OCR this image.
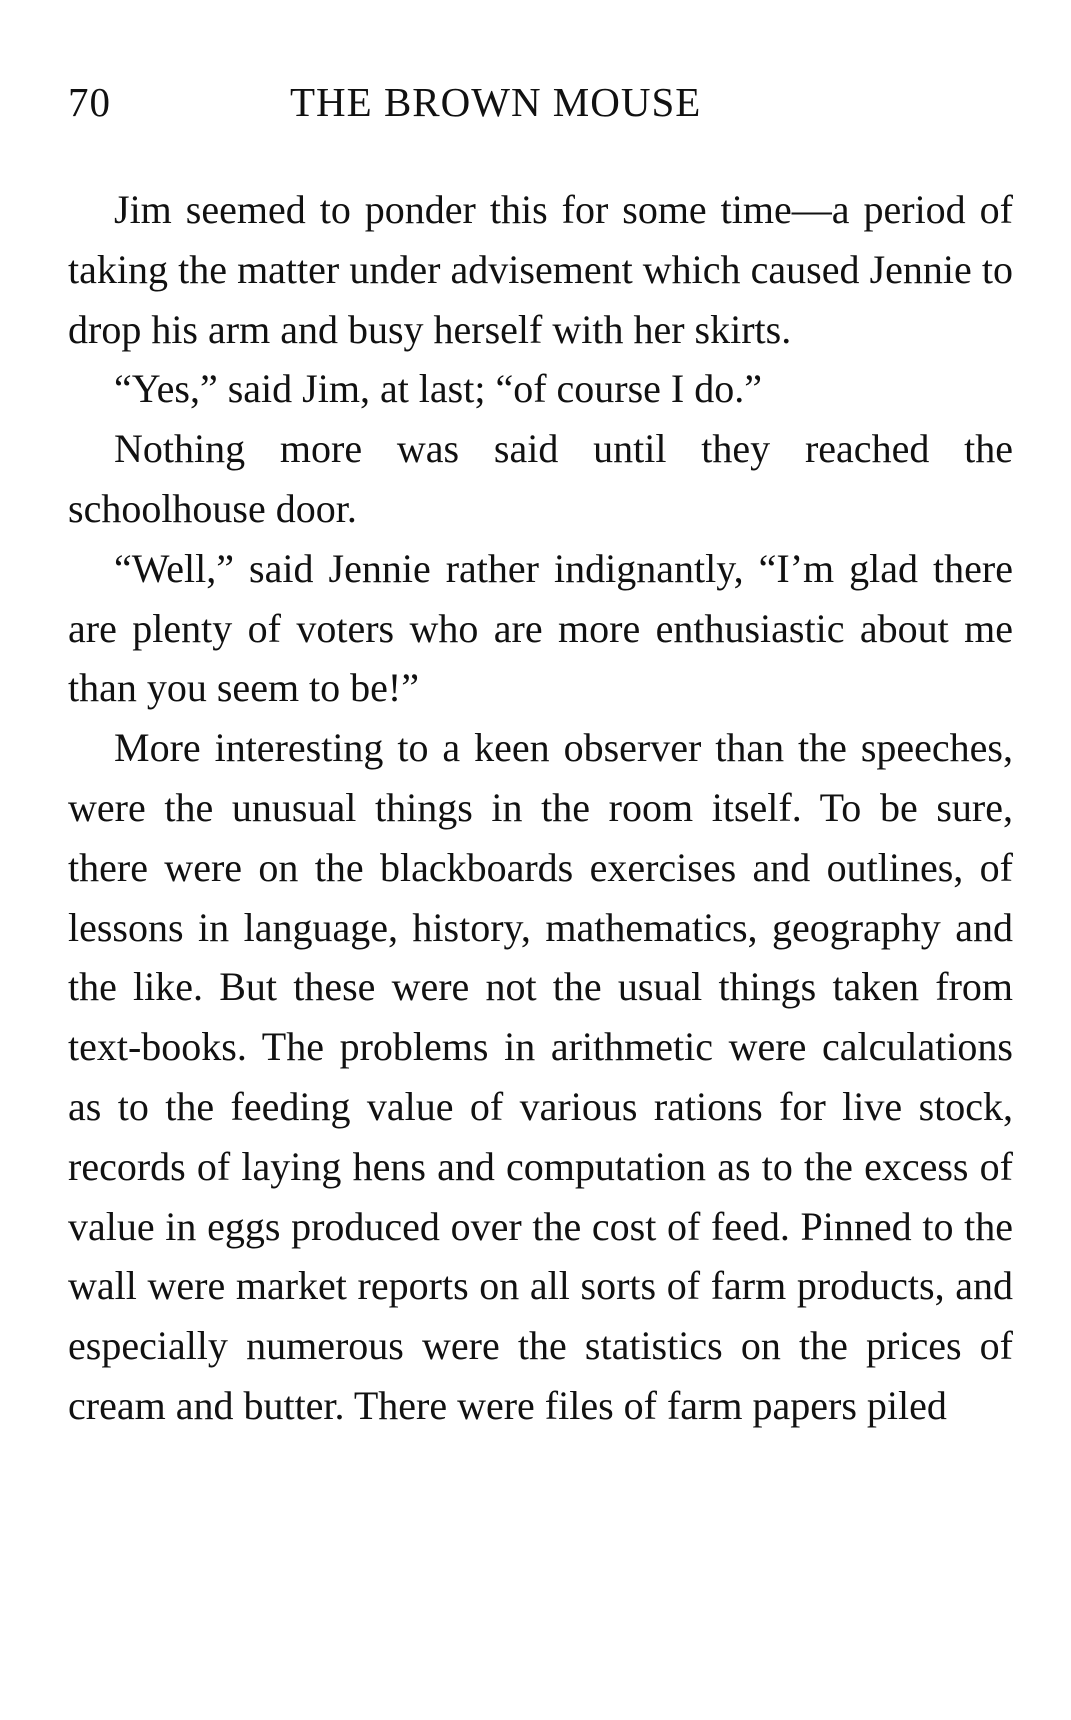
70	THE BROWN MOUSE

Jim seemed to ponder this for some time—a period of taking the matter under advisement which caused Jennie to drop his arm and busy herself with her skirts.

“Yes,” said Jim, at last; “of course I do.”

Nothing more was said until they reached the schoolhouse door.

“Well,” said Jennie rather indignantly, “I’m glad there are plenty of voters who are more enthusiastic about me than you seem to be!”

More interesting to a keen observer than the speeches, were the unusual things in the room itself. To be sure, there were on the blackboards exercises and outlines, of lessons in language, history, mathematics, geography and the like. But these were not the usual things taken from text-books. The problems in arithmetic were calculations as to the feeding value of various rations for live stock, records of laying hens and computation as to the excess of value in eggs produced over the cost of feed. Pinned to the wall were market reports on all sorts of farm products, and especially numerous were the statistics on the prices of cream and butter. There were files of farm papers piled
